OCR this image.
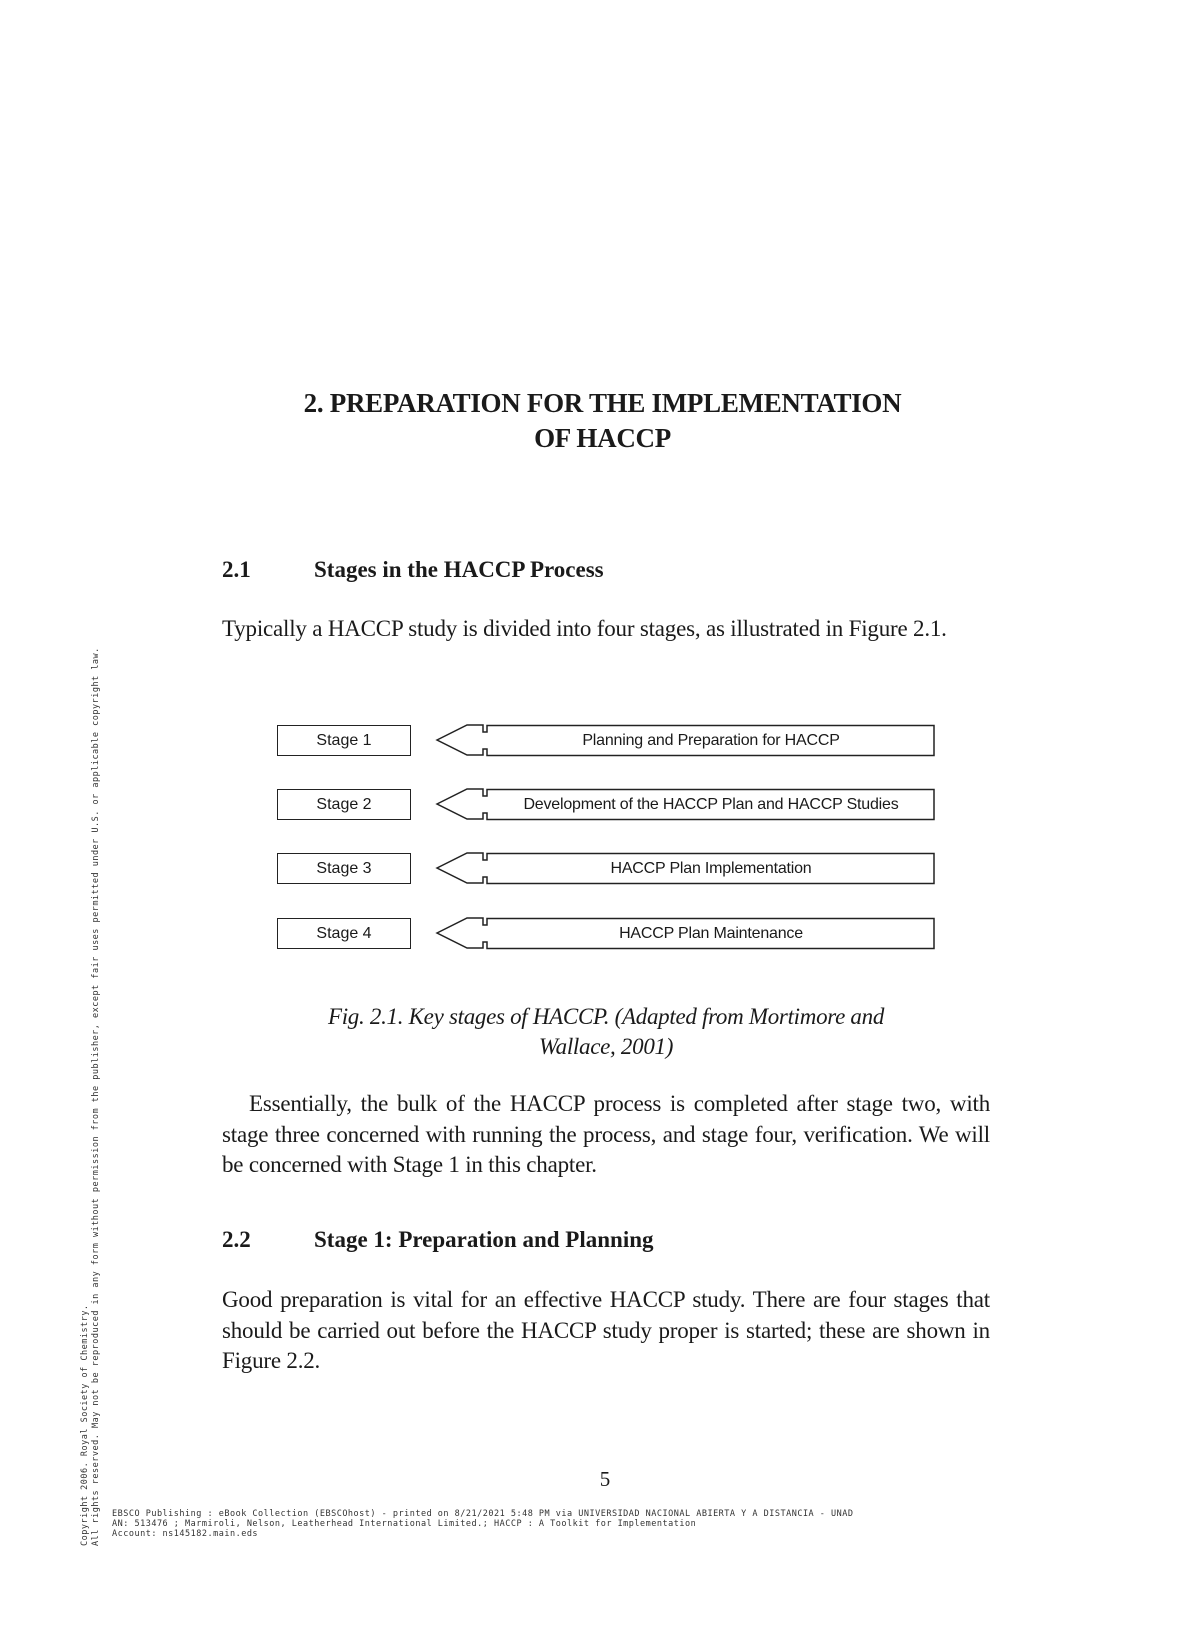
2. PREPARATION FOR THE IMPLEMENTATION
OF HACCP
2.1	Stages in the HACCP Process
Typically a HACCP study is divided into four stages, as illustrated in Figure 2.1.
Stage 1	Planning and Preparation for HACCP
Stage 2	Development of the HACCP Plan and HACCP Studies
Stage 3	HACCP Plan Implementation
Stage 4	HACCP Plan Maintenance
Fig. 2.1. Key stages of HACCP. (Adapted from Mortimore and
Wallace, 2001)
Essentially, the bulk of the HACCP process is completed after stage two, with stage three concerned with running the process, and stage four, verification. We will be concerned with Stage 1 in this chapter.
2.2	Stage 1: Preparation and Planning
Good preparation is vital for an effective HACCP study. There are four stages that should be carried out before the HACCP study proper is started; these are shown in Figure 2.2.
5
EBSCO Publishing : eBook Collection (EBSCOhost) - printed on 8/21/2021 5:48 PM via UNIVERSIDAD NACIONAL ABIERTA Y A DISTANCIA - UNAD
AN: 513476 ; Marmiroli, Nelson, Leatherhead International Limited.; HACCP : A Toolkit for Implementation
Account: ns145182.main.eds
Copyright 2006. Royal Society of Chemistry. All rights reserved. May not be reproduced in any form without permission from the publisher, except fair uses permitted under U.S. or applicable copyright law.
